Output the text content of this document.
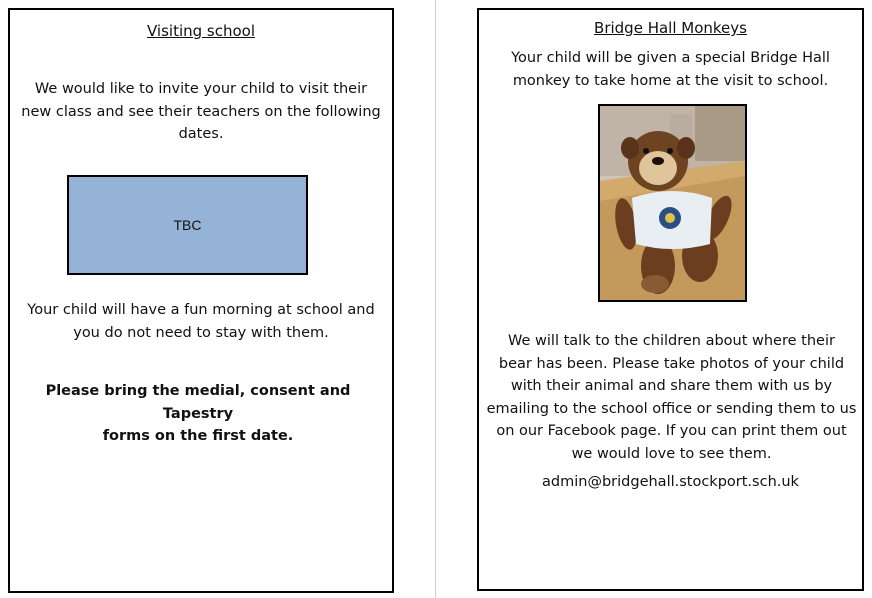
Visiting school
We would like to invite your child to visit their
new class and see their teachers on the following
dates.
TBC
Your child will have a fun morning at school and
you do not need to stay with them.
Please bring the medial, consent and Tapestry
forms on the first date.
Bridge Hall Monkeys
Your child will be given a special Bridge Hall
monkey to take home at the visit to school.
We will talk to the children about where their
bear has been. Please take photos of your child
with their animal and share them with us by
emailing to the school office or sending them to us
on our Facebook page. If you can print them out
we would love to see them.
admin@bridgehall.stockport.sch.uk
